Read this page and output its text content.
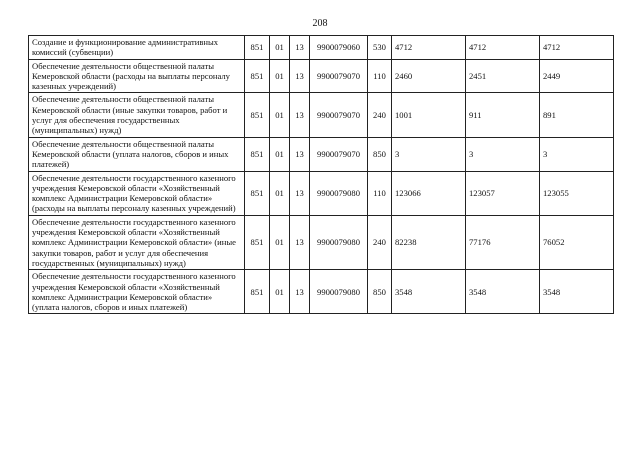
208
Создание и функционирование административных комиссий (субвенции)	851	01	13	9900079060	530	4712	4712	4712
Обеспечение деятельности общественной палаты Кемеровской области (расходы на выплаты персоналу казенных учреждений)	851	01	13	9900079070	110	2460	2451	2449
Обеспечение деятельности общественной палаты Кемеровской области (иные закупки товаров, работ и услуг для обеспечения государственных (муниципальных) нужд)	851	01	13	9900079070	240	1001	911	891
Обеспечение деятельности общественной палаты Кемеровской области (уплата налогов, сборов и иных платежей)	851	01	13	9900079070	850	3	3	3
Обеспечение деятельности государственного казенного учреждения Кемеровской области «Хозяйственный комплекс Администрации Кемеровской области» (расходы на выплаты персоналу казенных учреждений)	851	01	13	9900079080	110	123066	123057	123055
Обеспечение деятельности государственного казенного учреждения Кемеровской области «Хозяйственный комплекс Администрации Кемеровской области» (иные закупки товаров, работ и услуг для обеспечения государственных (муниципальных) нужд)	851	01	13	9900079080	240	82238	77176	76052
Обеспечение деятельности государственного казенного учреждения Кемеровской области «Хозяйственный комплекс Администрации Кемеровской области» (уплата налогов, сборов и иных платежей)	851	01	13	9900079080	850	3548	3548	3548
